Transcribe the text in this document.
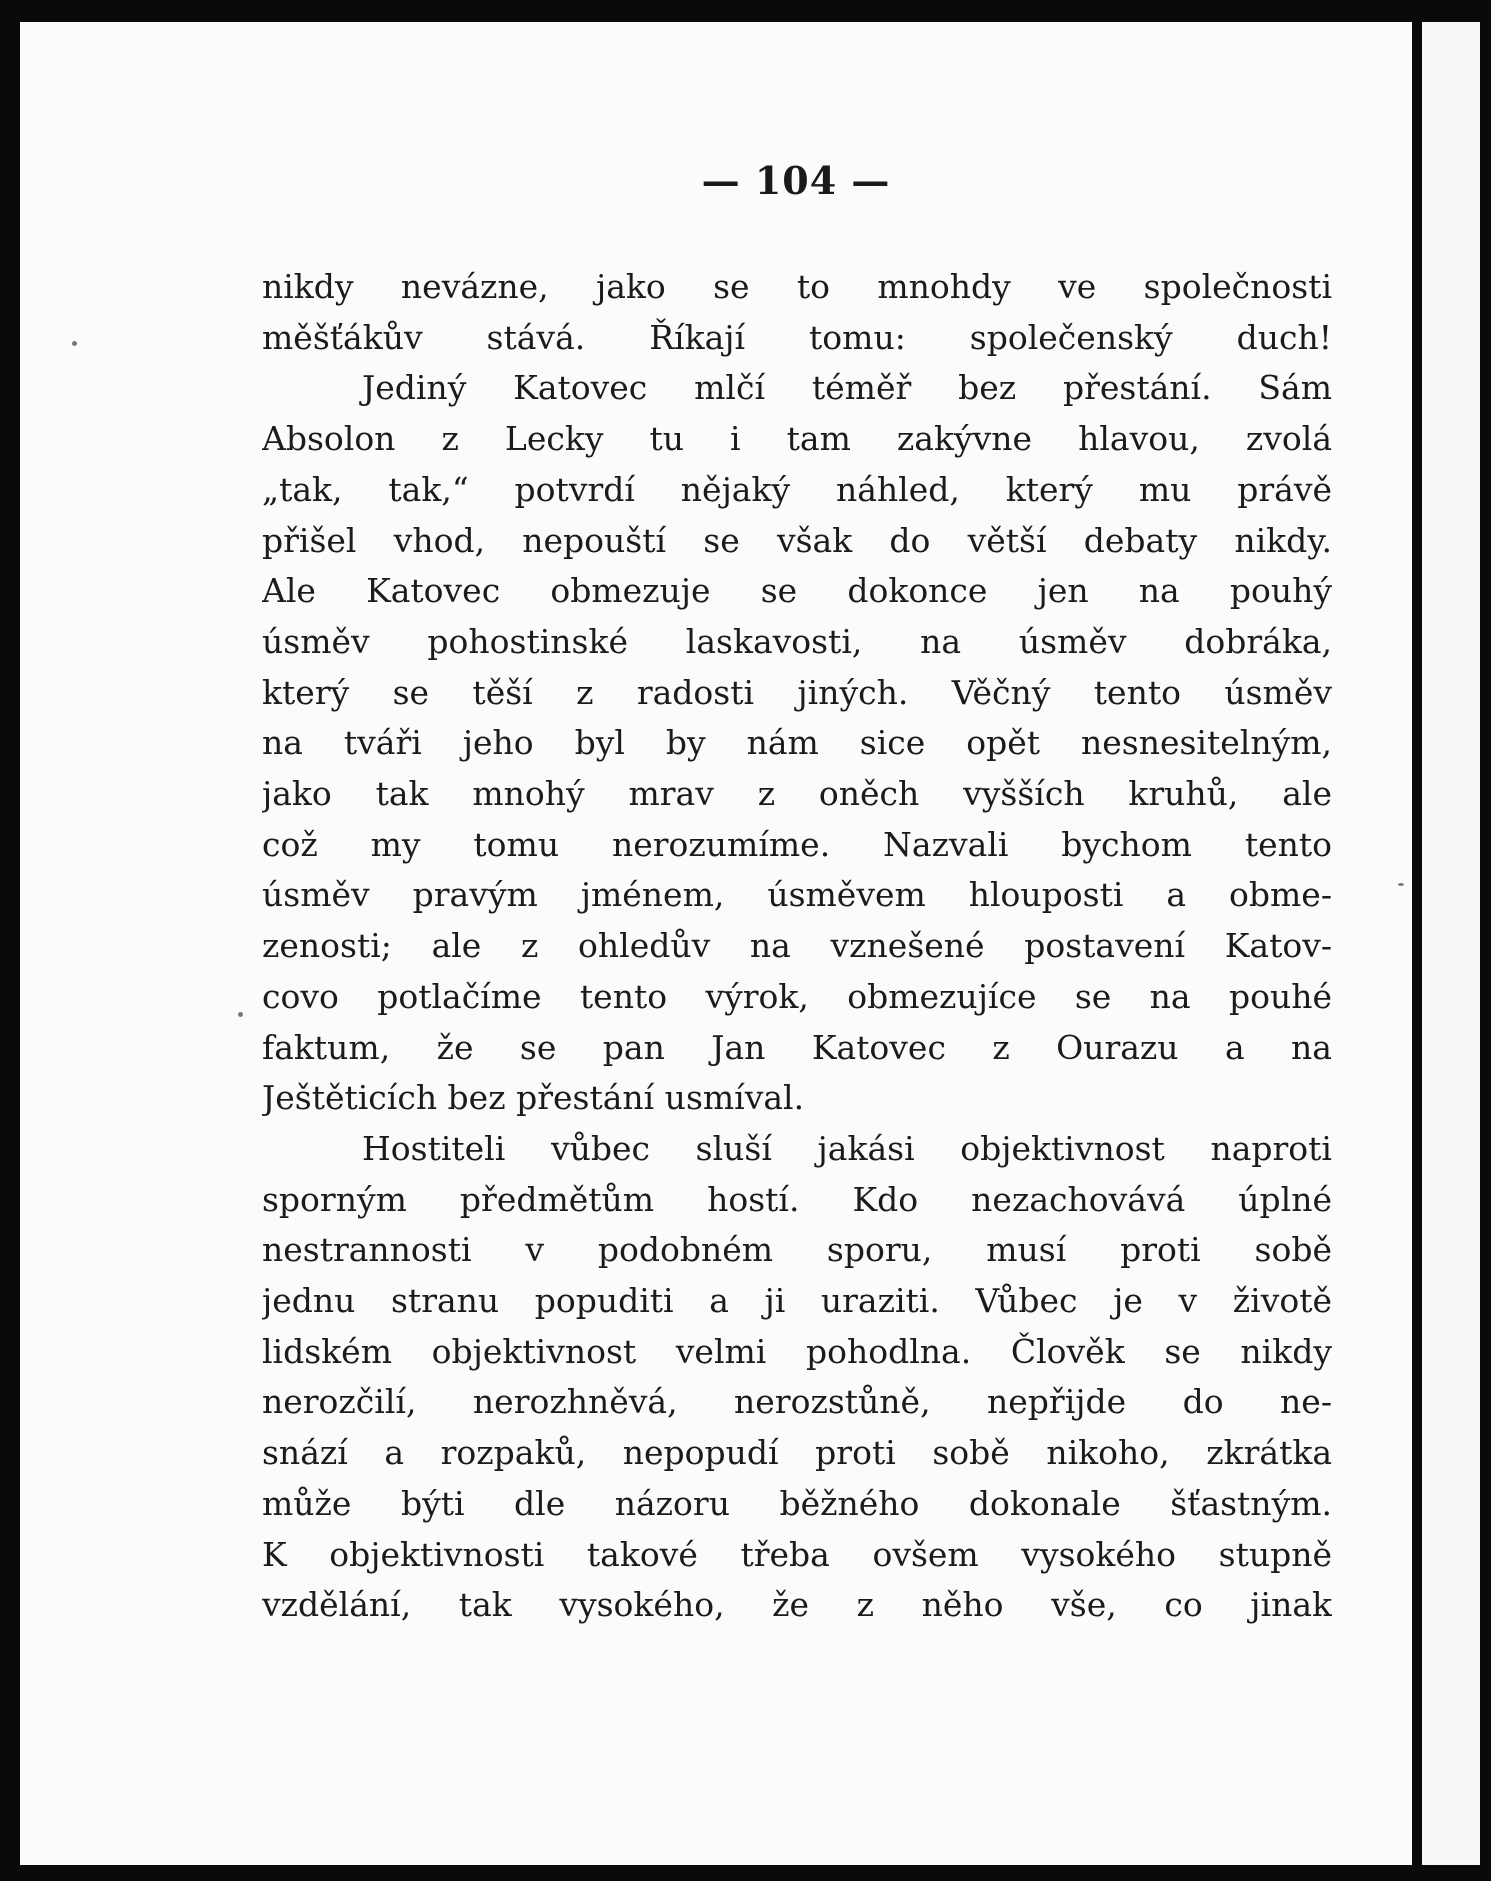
— 104 —
nikdy nevázne, jako se to mnohdy ve společnosti
měšťákův stává. Říkají tomu: společenský duch!
Jediný Katovec mlčí téměř bez přestání. Sám
Absolon z Lecky tu i tam zakývne hlavou, zvolá
„tak, tak,“ potvrdí nějaký náhled, který mu právě
přišel vhod, nepouští se však do větší debaty nikdy.
Ale Katovec obmezuje se dokonce jen na pouhý
úsměv pohostinské laskavosti, na úsměv dobráka,
který se těší z radosti jiných. Věčný tento úsměv
na tváři jeho byl by nám sice opět nesnesitelným,
jako tak mnohý mrav z oněch vyšších kruhů, ale
což my tomu nerozumíme. Nazvali bychom tento
úsměv pravým jménem, úsměvem hlouposti a obme-
zenosti; ale z ohledův na vznešené postavení Katov-
covo potlačíme tento výrok, obmezujíce se na pouhé
faktum, že se pan Jan Katovec z Ourazu a na
Ještěticích bez přestání usmíval.
Hostiteli vůbec sluší jakási objektivnost naproti
sporným předmětům hostí. Kdo nezachovává úplné
nestrannosti v podobném sporu, musí proti sobě
jednu stranu popuditi a ji uraziti. Vůbec je v životě
lidském objektivnost velmi pohodlna. Člověk se nikdy
nerozčilí, nerozhněvá, nerozstůně, nepřijde do ne-
snází a rozpaků, nepopudí proti sobě nikoho, zkrátka
může býti dle názoru běžného dokonale šťastným.
K objektivnosti takové třeba ovšem vysokého stupně
vzdělání, tak vysokého, že z něho vše, co jinak
